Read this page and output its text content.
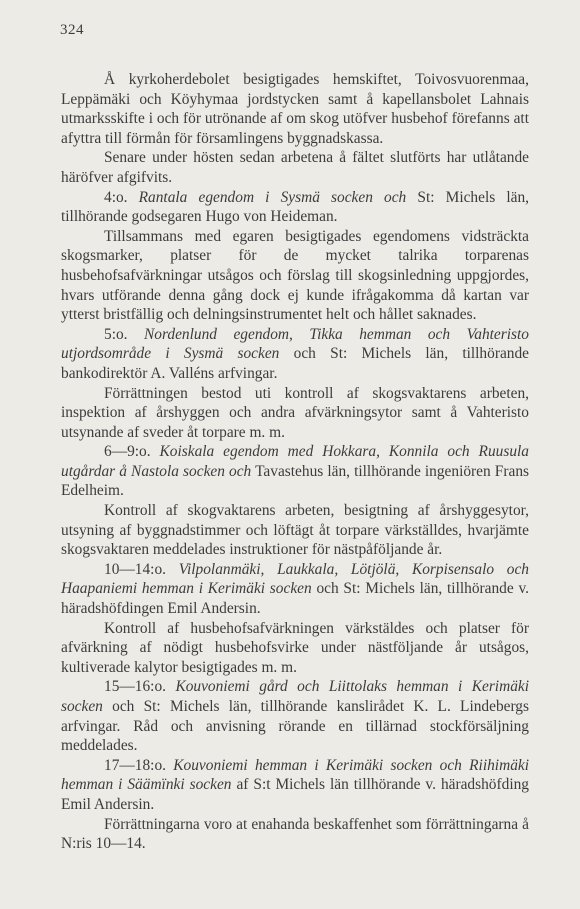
324

Å kyrkoherdebolet besigtigades hemskiftet, Toivosvuorenmaa, Leppämäki och Köyhymaa jordstycken samt å kapellansbolet Lahnais utmarksskifte i och för utrönande af om skog utöfver husbehof förefanns att afyttra till förmån för församlingens byggnadskassa.

Senare under hösten sedan arbetena å fältet slutförts har utlåtande häröfver afgifvits.

4:o. Rantala egendom i Sysmä socken och St: Michels län, tillhörande godsegaren Hugo von Heideman.

Tillsammans med egaren besigtigades egendomens vidsträckta skogsmarker, platser för de mycket talrika torparenas husbehofsafvärkningar utsågos och förslag till skogsinledning uppgjordes, hvars utförande denna gång dock ej kunde ifrågakomma då kartan var ytterst bristfällig och delningsinstrumentet helt och hållet saknades.

5:o. Nordenlund egendom, Tikka hemman och Vahteristo utjordsområde i Sysmä socken och St: Michels län, tillhörande bankodirektör A. Valléns arfvingar.

Förrättningen bestod uti kontroll af skogsvaktarens arbeten, inspektion af årshyggen och andra afvärkningsytor samt å Vahteristo utsynande af sveder åt torpare m. m.

6—9:o. Koiskala egendom med Hokkara, Konnila och Ruusula utgårdar å Nastola socken och Tavastehus län, tillhörande ingeniören Frans Edelheim.

Kontroll af skogvaktarens arbeten, besigtning af årshyggesytor, utsyning af byggnadstimmer och löftägt åt torpare värkställdes, hvarjämte skogsvaktaren meddelades instruktioner för nästpåföljande år.

10—14:o. Vilpolanmäki, Laukkala, Lötjölä, Korpisensalo och Haapaniemi hemman i Kerimäki socken och St: Michels län, tillhörande v. häradshöfdingen Emil Andersin.

Kontroll af husbehofsafvärkningen värkstäldes och platser för afvärkning af nödigt husbehofsvirke under nästföljande år utsågos, kultiverade kalytor besigtigades m. m.

15—16:o. Kouvoniemi gård och Liittolaks hemman i Kerimäki socken och St: Michels län, tillhörande kanslirådet K. L. Lindebergs arfvingar. Råd och anvisning rörande en tillärnad stockförsäljning meddelades.

17—18:o. Kouvoniemi hemman i Kerimäki socken och Riihimäki hemman i Säämïnki socken af S:t Michels län tillhörande v. häradshöfding Emil Andersin.

Förrättningarna voro at enahanda beskaffenhet som förrättningarna å N:ris 10—14.
